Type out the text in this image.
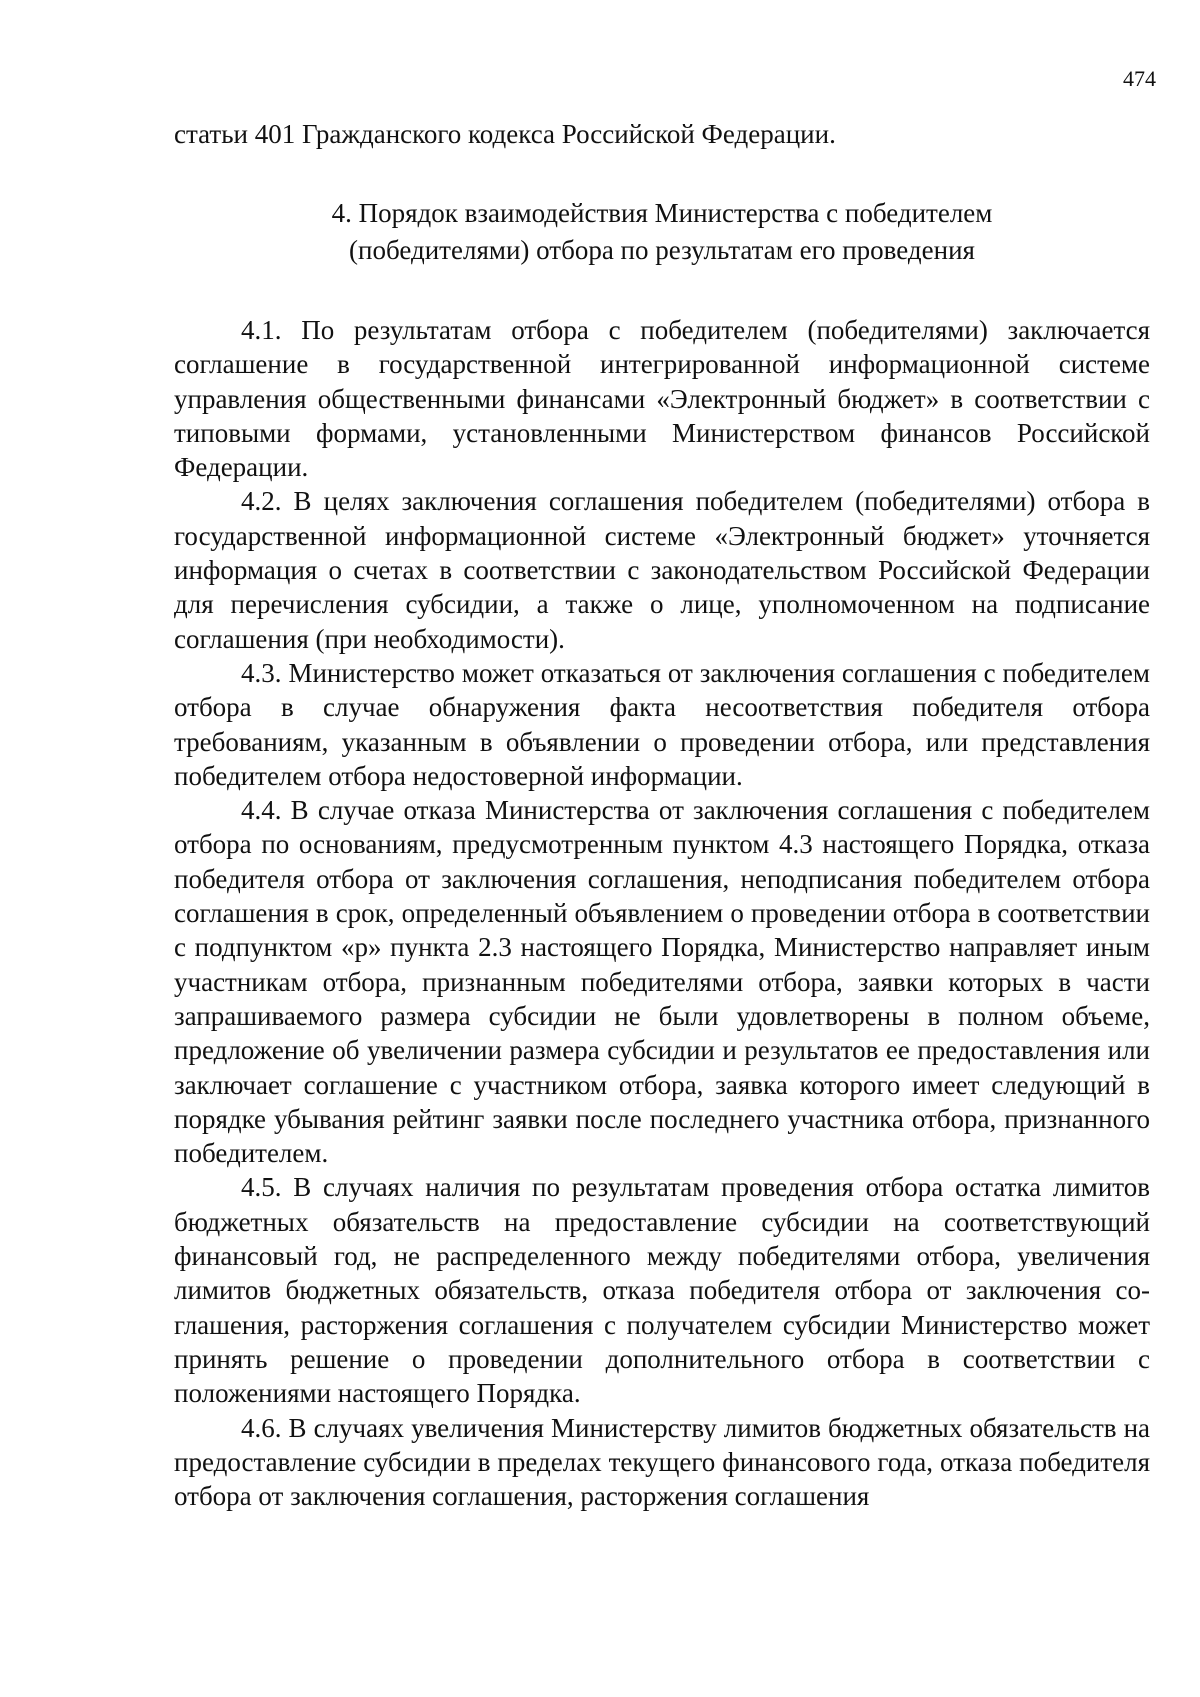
474

статьи 401 Гражданского кодекса Российской Федерации.

4. Порядок взаимодействия Министерства с победителем
(победителями) отбора по результатам его проведения

4.1. По результатам отбора с победителем (победителями) заключается соглашение в государственной интегрированной информационной системе управления общественными финансами «Электронный бюджет» в соответствии с типовыми формами, установленными Министерством финансов Российской Федерации.

4.2. В целях заключения соглашения победителем (победителями) отбора в государственной информационной системе «Электронный бюджет» уточняется информация о счетах в соответствии с законодательством Российской Федерации для перечисления субсидии, а также о лице, уполномоченном на подписание соглашения (при необходимости).

4.3. Министерство может отказаться от заключения соглашения с победителем отбора в случае обнаружения факта несоответствия победителя отбора требованиям, указанным в объявлении о проведении отбора, или представления победителем отбора недостоверной информации.

4.4. В случае отказа Министерства от заключения соглашения с победителем отбора по основаниям, предусмотренным пунктом 4.3 настоящего Порядка, отказа победителя отбора от заключения соглашения, неподписания победителем отбора соглашения в срок, определенный объявлением о проведении отбора в соответствии с подпунктом «р» пункта 2.3 настоящего Порядка, Министерство направляет иным участникам отбора, признанным победителями отбора, заявки которых в части запрашиваемого размера субсидии не были удовлетворены в полном объеме, предложение об увеличении размера субсидии и результатов ее предоставления или заключает соглашение с участником отбора, заявка которого имеет следующий в порядке убывания рейтинг заявки после последнего участника отбора, признанного победителем.

4.5. В случаях наличия по результатам проведения отбора остатка лимитов бюджетных обязательств на предоставление субсидии на соответствующий финансовый год, не распределенного между победителями отбора, увеличения лимитов бюджетных обязательств, отказа победителя отбора от заключения соглашения, расторжения соглашения с получателем субсидии Министерство может принять решение о проведении дополнительного отбора в соответствии с положениями настоящего Порядка.

4.6. В случаях увеличения Министерству лимитов бюджетных обязательств на предоставление субсидии в пределах текущего финансового года, отказа победителя отбора от заключения соглашения, расторжения соглашения
